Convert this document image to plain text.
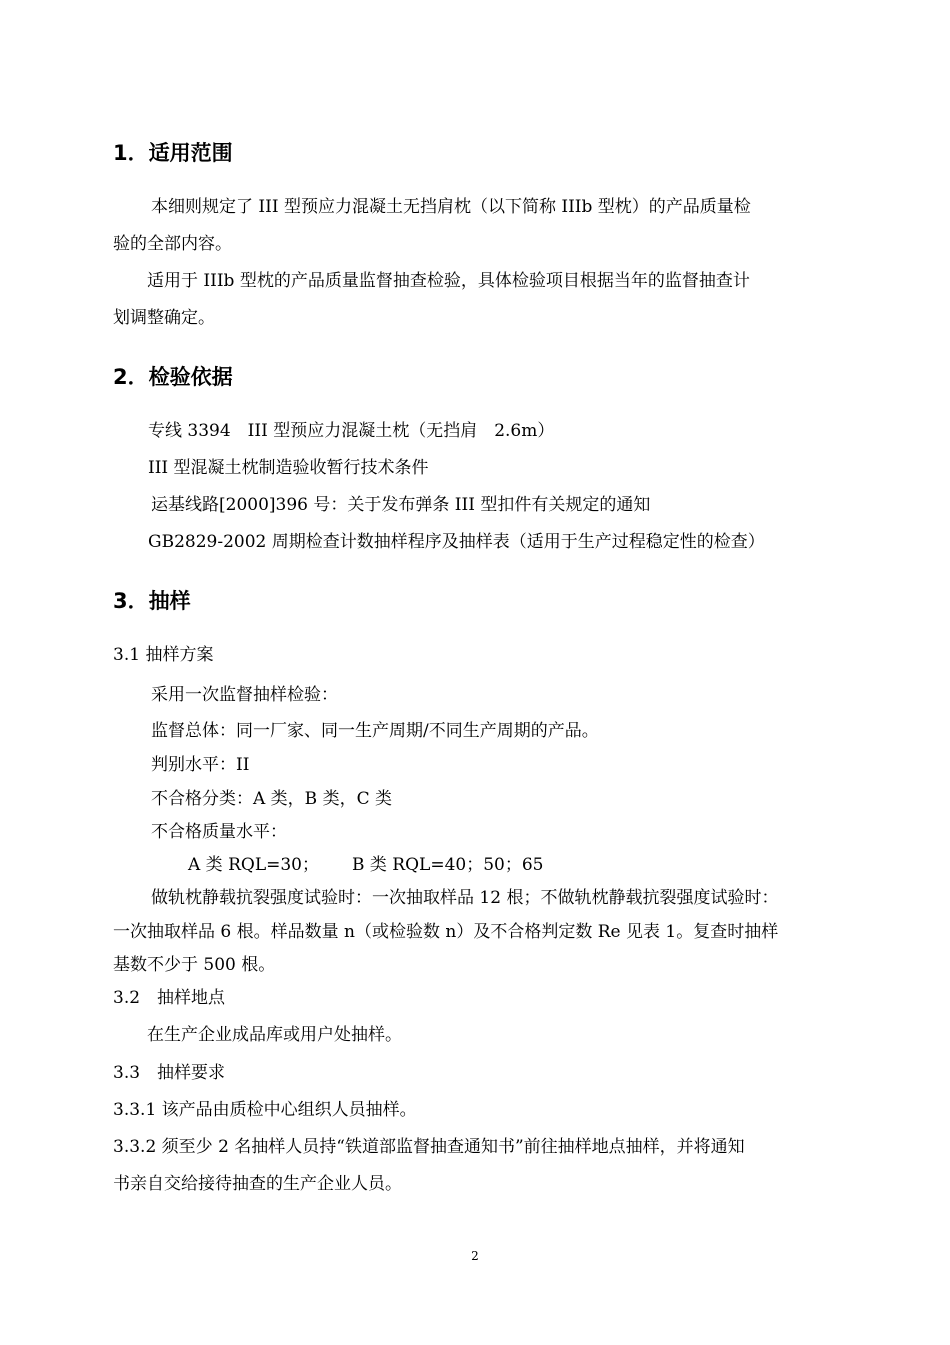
1．适用范围
本细则规定了 III 型预应力混凝土无挡肩枕（以下简称 IIIb 型枕）的产品质量检
验的全部内容。
适用于 IIIb 型枕的产品质量监督抽查检验，具体检验项目根据当年的监督抽查计
划调整确定。
2．检验依据
专线 3394　III 型预应力混凝土枕（无挡肩　2.6m）
III 型混凝土枕制造验收暂行技术条件
运基线路[2000]396 号：关于发布弹条 III 型扣件有关规定的通知
GB2829-2002 周期检查计数抽样程序及抽样表（适用于生产过程稳定性的检查）
3．抽样
3.1 抽样方案
采用一次监督抽样检验：
监督总体：同一厂家、同一生产周期/不同生产周期的产品。
判别水平：II
不合格分类：A 类，B 类，C 类
不合格质量水平：
A 类 RQL=30； B 类 RQL=40；50；65
做轨枕静载抗裂强度试验时：一次抽取样品 12 根；不做轨枕静载抗裂强度试验时：
一次抽取样品 6 根。样品数量 n（或检验数 n）及不合格判定数 Re 见表 1。复查时抽样
基数不少于 500 根。
3.2　抽样地点
在生产企业成品库或用户处抽样。
3.3　抽样要求
3.3.1 该产品由质检中心组织人员抽样。
3.3.2 须至少 2 名抽样人员持“铁道部监督抽查通知书”前往抽样地点抽样，并将通知
书亲自交给接待抽查的生产企业人员。
2
